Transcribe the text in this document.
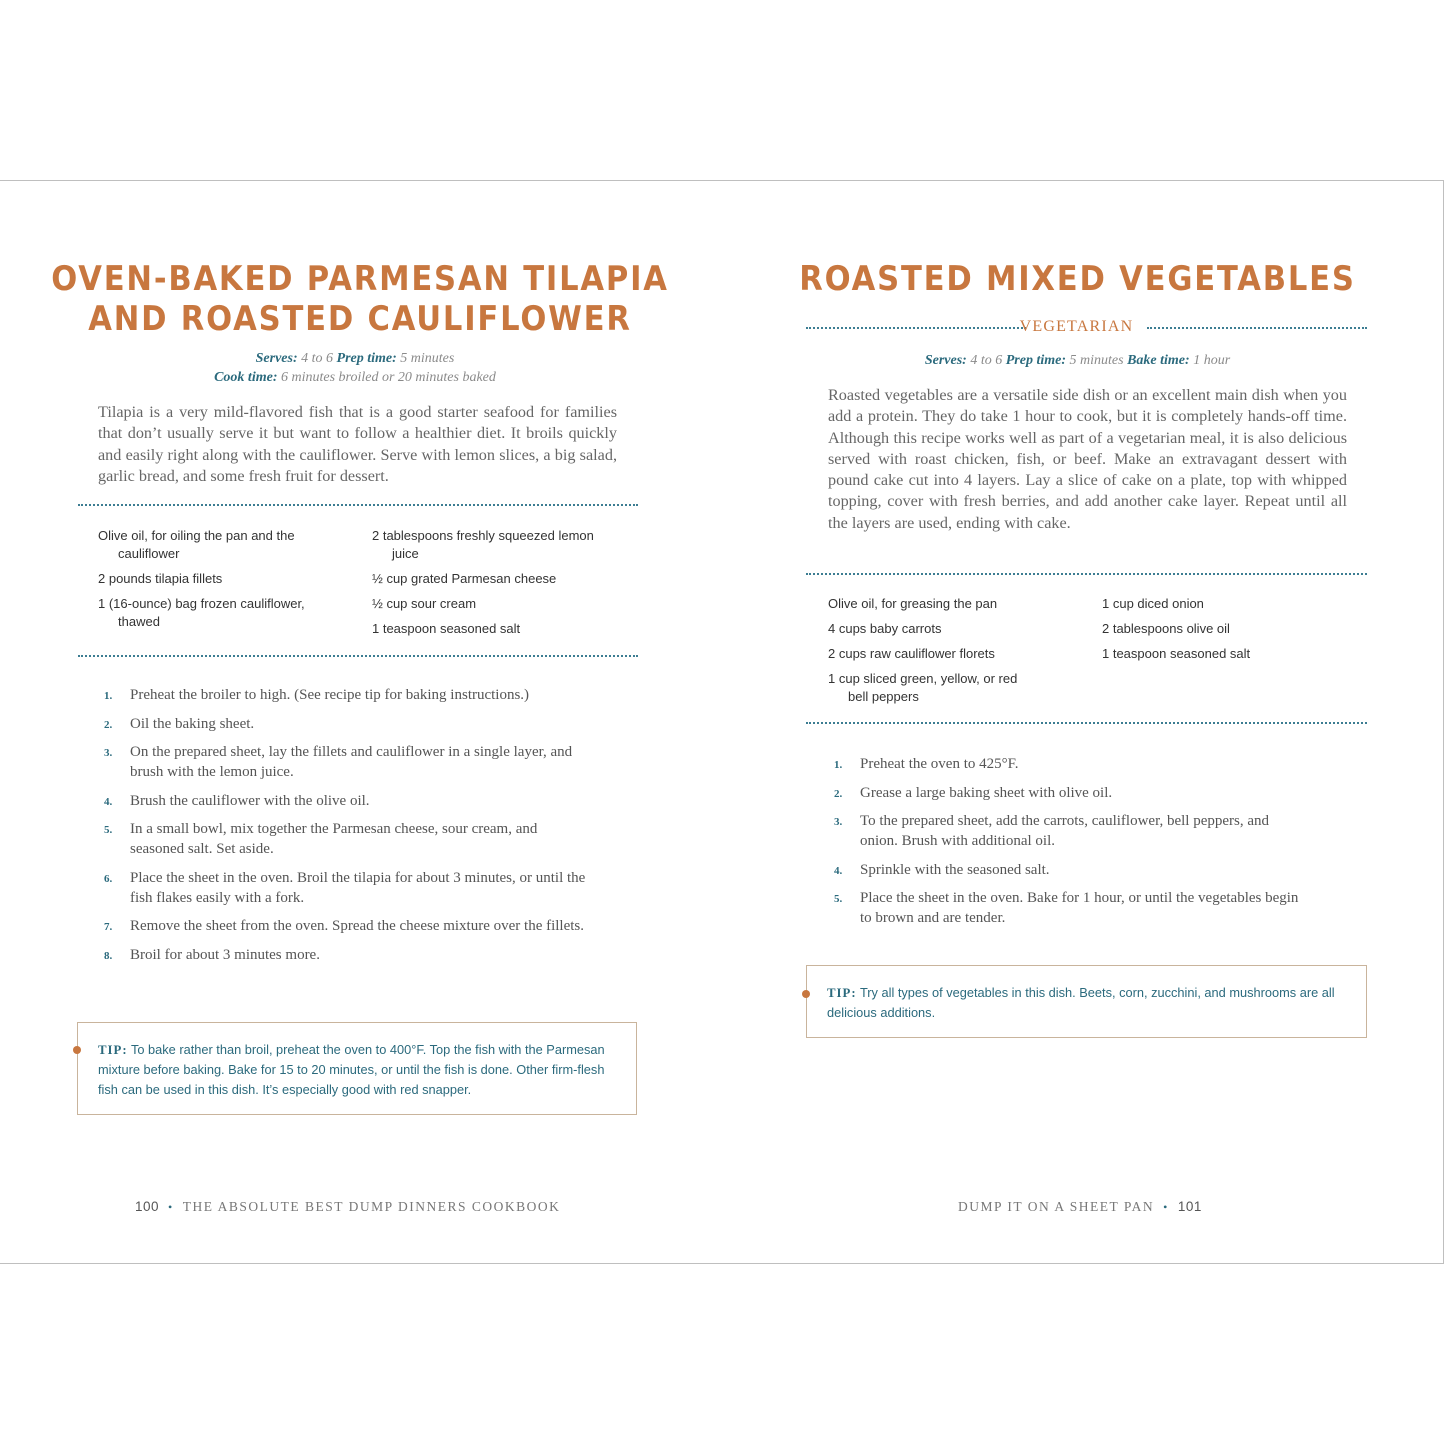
OVEN-BAKED PARMESAN TILAPIA
AND ROASTED CAULIFLOWER
Serves: 4 to 6 Prep time: 5 minutes
Cook time: 6 minutes broiled or 20 minutes baked
Tilapia is a very mild-flavored fish that is a good starter seafood for families that don’t usually serve it but want to follow a healthier diet. It broils quickly and easily right along with the cauliflower. Serve with lemon slices, a big salad, garlic bread, and some fresh fruit for dessert.
Olive oil, for oiling the pan and the cauliflower
2 pounds tilapia fillets
1 (16-ounce) bag frozen cauliflower, thawed
2 tablespoons freshly squeezed lemon juice
½ cup grated Parmesan cheese
½ cup sour cream
1 teaspoon seasoned salt
1. Preheat the broiler to high. (See recipe tip for baking instructions.)
2. Oil the baking sheet.
3. On the prepared sheet, lay the fillets and cauliflower in a single layer, and brush with the lemon juice.
4. Brush the cauliflower with the olive oil.
5. In a small bowl, mix together the Parmesan cheese, sour cream, and seasoned salt. Set aside.
6. Place the sheet in the oven. Broil the tilapia for about 3 minutes, or until the fish flakes easily with a fork.
7. Remove the sheet from the oven. Spread the cheese mixture over the fillets.
8. Broil for about 3 minutes more.
TIP: To bake rather than broil, preheat the oven to 400°F. Top the fish with the Parmesan mixture before baking. Bake for 15 to 20 minutes, or until the fish is done. Other firm-flesh fish can be used in this dish. It’s especially good with red snapper.
100 • THE ABSOLUTE BEST DUMP DINNERS COOKBOOK
ROASTED MIXED VEGETABLES
VEGETARIAN
Serves: 4 to 6 Prep time: 5 minutes Bake time: 1 hour
Roasted vegetables are a versatile side dish or an excellent main dish when you add a protein. They do take 1 hour to cook, but it is completely hands-off time. Although this recipe works well as part of a vegetarian meal, it is also delicious served with roast chicken, fish, or beef. Make an extravagant dessert with pound cake cut into 4 layers. Lay a slice of cake on a plate, top with whipped topping, cover with fresh berries, and add another cake layer. Repeat until all the layers are used, ending with cake.
Olive oil, for greasing the pan
4 cups baby carrots
2 cups raw cauliflower florets
1 cup sliced green, yellow, or red bell peppers
1 cup diced onion
2 tablespoons olive oil
1 teaspoon seasoned salt
1. Preheat the oven to 425°F.
2. Grease a large baking sheet with olive oil.
3. To the prepared sheet, add the carrots, cauliflower, bell peppers, and onion. Brush with additional oil.
4. Sprinkle with the seasoned salt.
5. Place the sheet in the oven. Bake for 1 hour, or until the vegetables begin to brown and are tender.
TIP: Try all types of vegetables in this dish. Beets, corn, zucchini, and mushrooms are all delicious additions.
DUMP IT ON A SHEET PAN • 101
